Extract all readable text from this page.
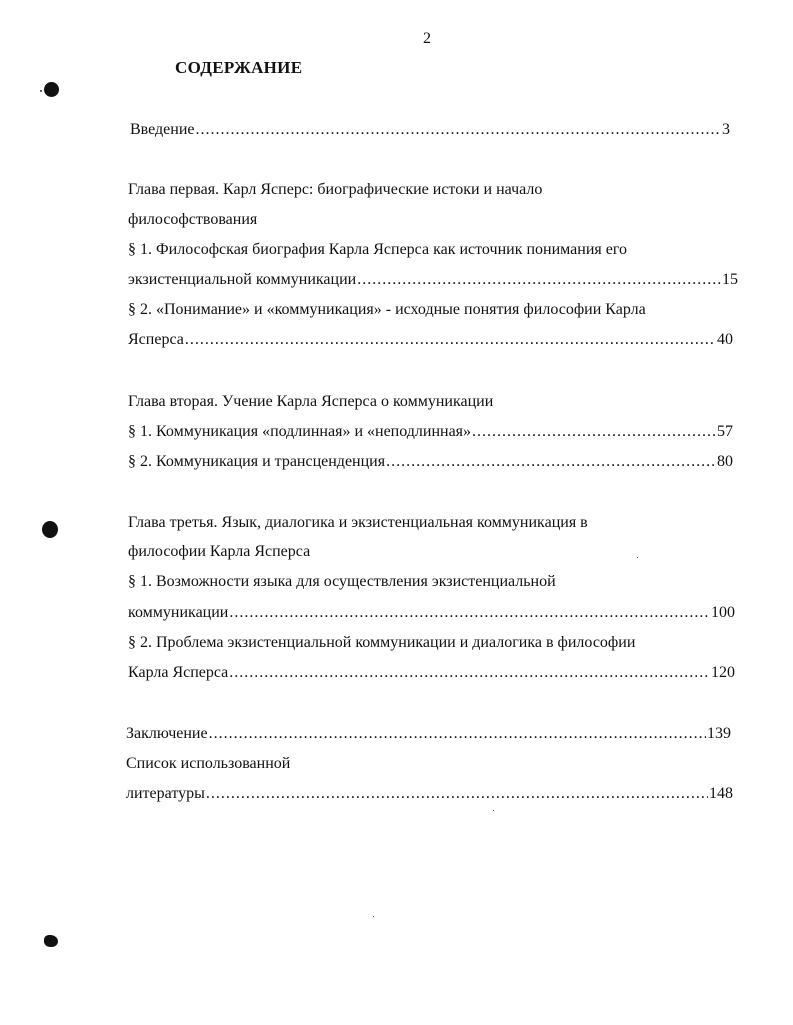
2
СОДЕРЖАНИЕ
Введение .....	3
Глава первая. Карл Ясперс: биографические истоки и начало
философствования
§ 1. Философская биография Карла Ясперса как источник понимания его
экзистенциальной коммуникации .....	15
§ 2. «Понимание» и «коммуникация» - исходные понятия философии Карла
Ясперса .....	40
Глава вторая. Учение Карла Ясперса о коммуникации
§ 1. Коммуникация «подлинная» и «неподлинная» .....	57
§ 2. Коммуникация и трансценденция .....	80
Глава третья. Язык, диалогика и экзистенциальная коммуникация в
философии Карла Ясперса
§ 1. Возможности языка для осуществления экзистенциальной
коммуникации .....	100
§ 2. Проблема экзистенциальной коммуникации и диалогика в философии
Карла Ясперса .....	120
Заключение .....	139
Список использованной
литературы .....	148
